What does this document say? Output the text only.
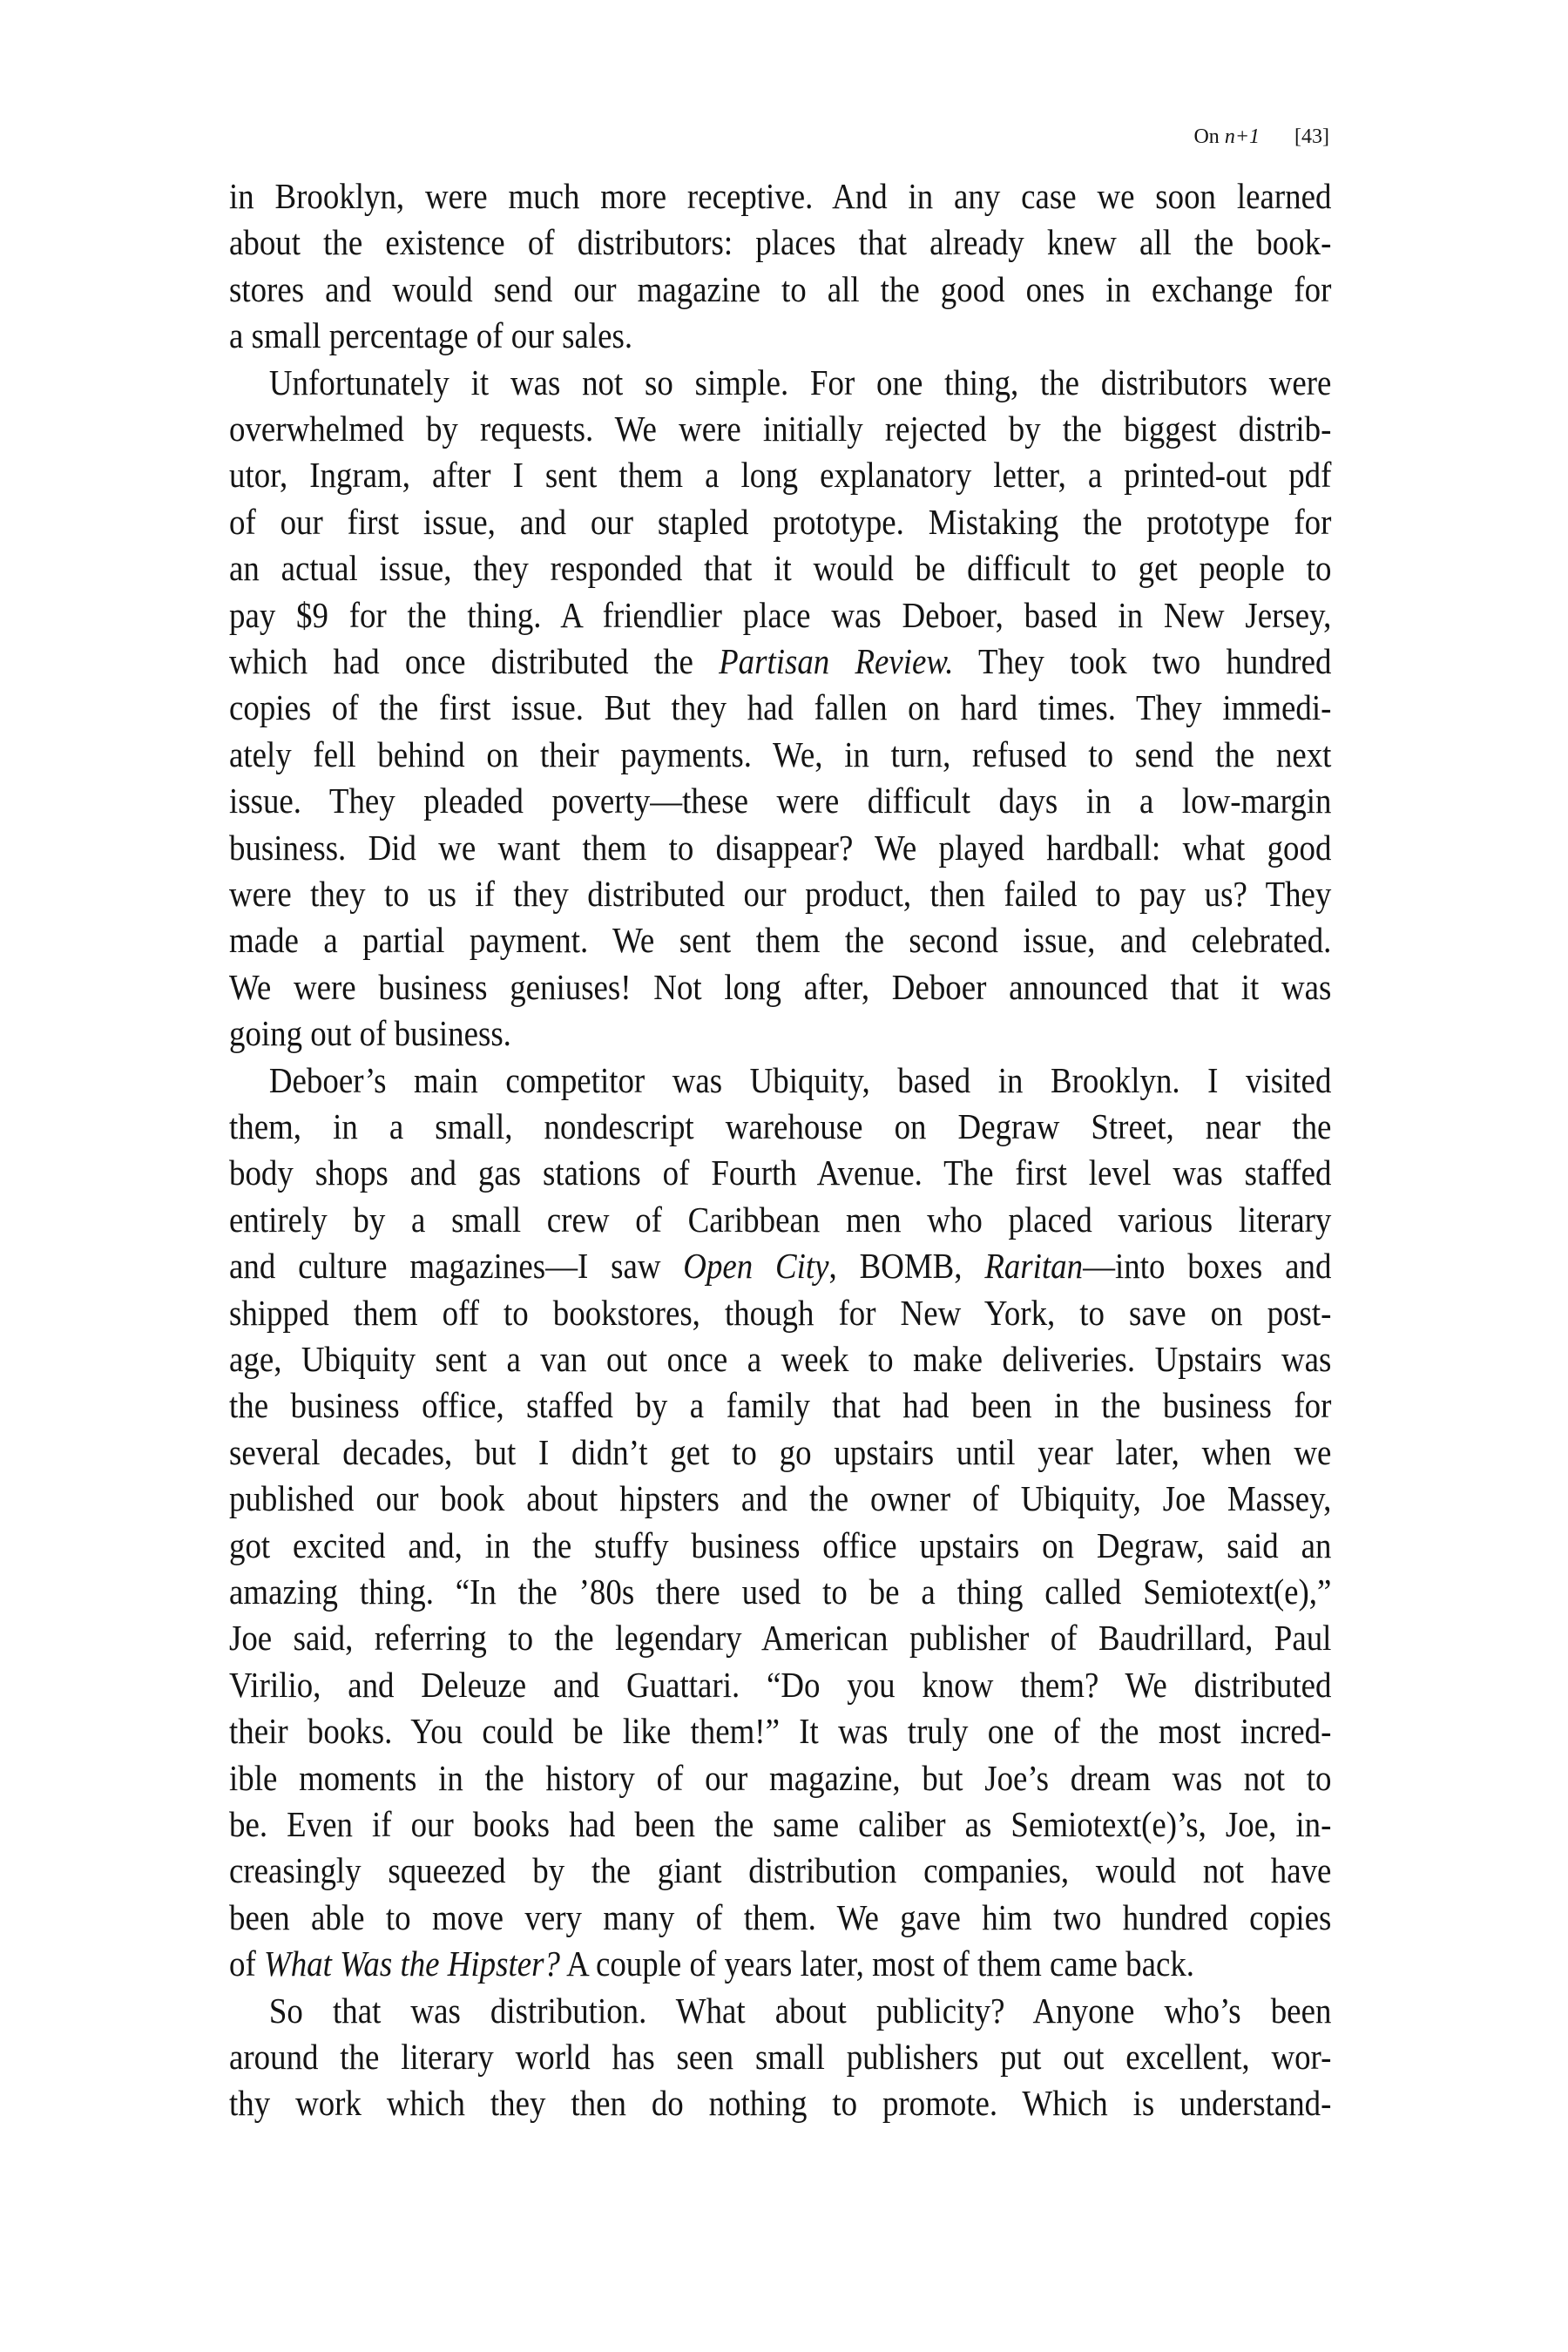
On n+1 [43]
in Brooklyn, were much more receptive. And in any case we soon learned
about the existence of distributors: places that already knew all the book-
stores and would send our magazine to all the good ones in exchange for
a small percentage of our sales.
Unfortunately it was not so simple. For one thing, the distributors were
overwhelmed by requests. We were initially rejected by the biggest distrib-
utor, Ingram, after I sent them a long explanatory letter, a printed-out pdf
of our first issue, and our stapled prototype. Mistaking the prototype for
an actual issue, they responded that it would be difficult to get people to
pay $9 for the thing. A friendlier place was Deboer, based in New Jersey,
which had once distributed the Partisan Review. They took two hundred
copies of the first issue. But they had fallen on hard times. They immedi-
ately fell behind on their payments. We, in turn, refused to send the next
issue. They pleaded poverty—these were difficult days in a low-margin
business. Did we want them to disappear? We played hardball: what good
were they to us if they distributed our product, then failed to pay us? They
made a partial payment. We sent them the second issue, and celebrated.
We were business geniuses! Not long after, Deboer announced that it was
going out of business.
Deboer’s main competitor was Ubiquity, based in Brooklyn. I visited
them, in a small, nondescript warehouse on Degraw Street, near the
body shops and gas stations of Fourth Avenue. The first level was staffed
entirely by a small crew of Caribbean men who placed various literary
and culture magazines—I saw Open City, BOMB, Raritan—into boxes and
shipped them off to bookstores, though for New York, to save on post-
age, Ubiquity sent a van out once a week to make deliveries. Upstairs was
the business office, staffed by a family that had been in the business for
several decades, but I didn’t get to go upstairs until year later, when we
published our book about hipsters and the owner of Ubiquity, Joe Massey,
got excited and, in the stuffy business office upstairs on Degraw, said an
amazing thing. “In the ’80s there used to be a thing called Semiotext(e),”
Joe said, referring to the legendary American publisher of Baudrillard, Paul
Virilio, and Deleuze and Guattari. “Do you know them? We distributed
their books. You could be like them!” It was truly one of the most incred-
ible moments in the history of our magazine, but Joe’s dream was not to
be. Even if our books had been the same caliber as Semiotext(e)’s, Joe, in-
creasingly squeezed by the giant distribution companies, would not have
been able to move very many of them. We gave him two hundred copies
of What Was the Hipster? A couple of years later, most of them came back.
So that was distribution. What about publicity? Anyone who’s been
around the literary world has seen small publishers put out excellent, wor-
thy work which they then do nothing to promote. Which is understand-
